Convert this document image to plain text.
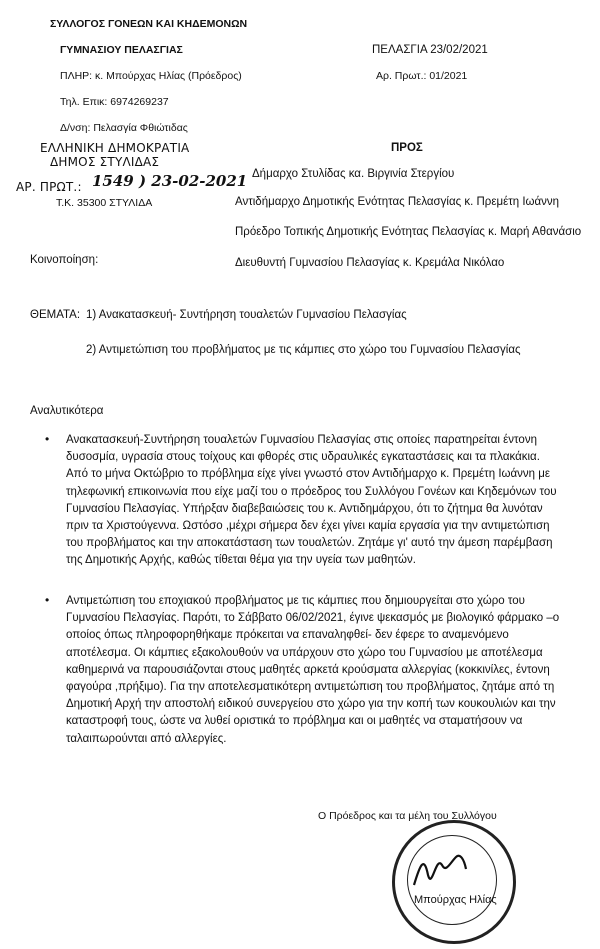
ΣΥΛΛΟΓΟΣ ΓΟΝΕΩΝ ΚΑΙ ΚΗΔΕΜΟΝΩΝ
ΓΥΜΝΑΣΙΟΥ ΠΕΛΑΣΓΙΑΣ
ΠΛΗΡ: κ. Μπούρχας Ηλίας (Πρόεδρος)
Τηλ. Επικ: 6974269237
Δ/νση: Πελασγία Φθιώτιδας
ΠΕΛΑΣΓΙΑ 23/02/2021
Αρ. Πρωτ.: 01/2021
ΕΛΛΗΝΙΚΗ ΔΗΜΟΚΡΑΤΙΑ
ΔΗΜΟΣ ΣΤΥΛΙΔΑΣ
ΑΡ. ΠΡΩΤ.: 1549 ) 23-02-2021
Τ.Κ. 35300 ΣΤΥΛΙΔΑ
ΠΡΟΣ
Δήμαρχο Στυλίδας κα. Βιργινία Στεργίου
Αντιδήμαρχο Δημοτικής Ενότητας Πελασγίας κ. Πρεμέτη Ιωάννη
Πρόεδρο Τοπικής Δημοτικής Ενότητας Πελασγίας κ. Μαρή Αθανάσιο
Κοινοποίηση:	Διευθυντή Γυμνασίου Πελασγίας κ. Κρεμάλα Νικόλαο
ΘΕΜΑΤΑ: 1) Ανακατασκευή- Συντήρηση τουαλετών Γυμνασίου Πελασγίας
2) Αντιμετώπιση του προβλήματος με τις κάμπιες στο χώρο του Γυμνασίου Πελασγίας
Αναλυτικότερα
• Ανακατασκευή-Συντήρηση τουαλετών Γυμνασίου Πελασγίας στις οποίες παρατηρείται έντονη
δυσοσμία, υγρασία στους τοίχους και φθορές στις υδραυλικές εγκαταστάσεις και τα πλακάκια.
Από το μήνα Οκτώβριο το πρόβλημα είχε γίνει γνωστό στον Αντιδήμαρχο κ. Πρεμέτη Ιωάννη με
τηλεφωνική επικοινωνία που είχε μαζί του ο πρόεδρος του Συλλόγου Γονέων και Κηδεμόνων του
Γυμνασίου Πελασγίας. Υπήρξαν διαβεβαιώσεις του κ. Αντιδημάρχου, ότι το ζήτημα θα λυνόταν
πριν τα Χριστούγεννα. Ωστόσο ,μέχρι σήμερα δεν έχει γίνει καμία εργασία για την αντιμετώπιση
του προβλήματος και την αποκατάσταση των τουαλετών. Ζητάμε γι' αυτό την άμεση παρέμβαση
της Δημοτικής Αρχής, καθώς τίθεται θέμα για την υγεία των μαθητών.
• Αντιμετώπιση του εποχιακού προβλήματος με τις κάμπιες που δημιουργείται στο χώρο του
Γυμνασίου Πελασγίας. Παρότι, το Σάββατο 06/02/2021, έγινε ψεκασμός με βιολογικό φάρμακο –ο
οποίος όπως πληροφορηθήκαμε πρόκειται να επαναληφθεί- δεν έφερε το αναμενόμενο
αποτέλεσμα. Οι κάμπιες εξακολουθούν να υπάρχουν στο χώρο του Γυμνασίου με αποτέλεσμα
καθημερινά να παρουσιάζονται στους μαθητές αρκετά κρούσματα αλλεργίας (κοκκινίλες, έντονη
φαγούρα ,πρήξιμο). Για την αποτελεσματικότερη αντιμετώπιση του προβλήματος, ζητάμε από τη
Δημοτική Αρχή την αποστολή ειδικού συνεργείου στο χώρο για την κοπή των κουκουλιών και την
καταστροφή τους, ώστε να λυθεί οριστικά το πρόβλημα και οι μαθητές να σταματήσουν να
ταλαιπωρούνται από αλλεργίες.
Ο Πρόεδρος και τα μέλη του Συλλόγου
Μπούρχας Ηλίας
